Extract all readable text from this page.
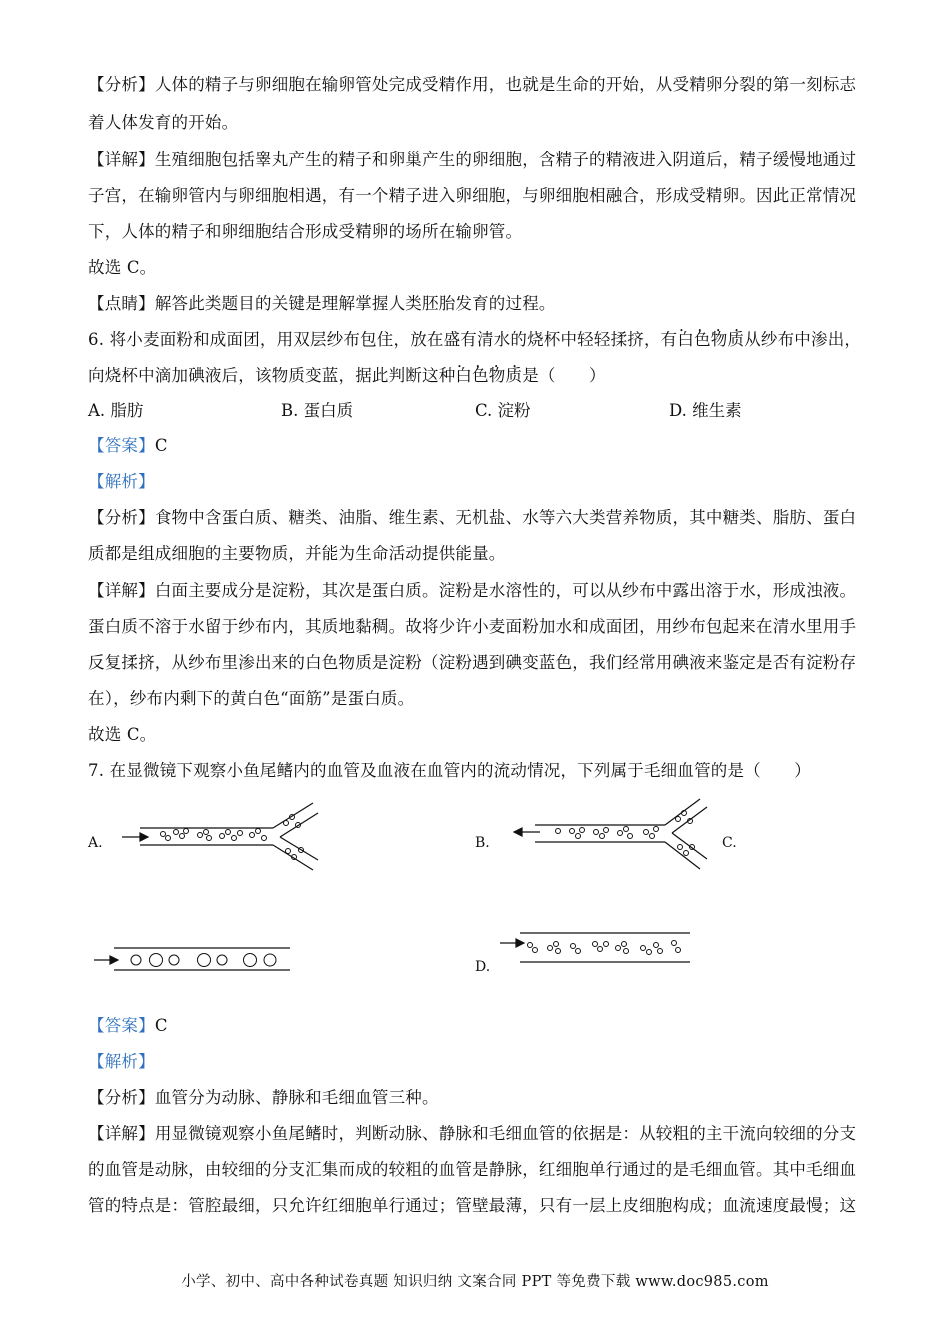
【分析】人体的精子与卵细胞在输卵管处完成受精作用，也就是生命的开始，从受精卵分裂的第一刻标志
着人体发育的开始。
【详解】生殖细胞包括睾丸产生的精子和卵巢产生的卵细胞，含精子的精液进入阴道后，精子缓慢地通过
子宫，在输卵管内与卵细胞相遇，有一个精子进入卵细胞，与卵细胞相融合，形成受精卵。因此正常情况
下，人体的精子和卵细胞结合形成受精卵的场所在输卵管。
故选 C。
【点睛】解答此类题目的关键是理解掌握人类胚胎发育的过程。
6. 将小麦面粉和成面团，用双层纱布包住，放在盛有清水的烧杯中轻轻揉挤，有白色物质 • • • •从纱布中渗出，
向烧杯中滴加碘液后，该物质变蓝，据此判断这种白色物质 • • • •是（　　）
A. 脂肪	B. 蛋白质	C. 淀粉	D. 维生素
【答案】C
【解析】
【分析】食物中含蛋白质、糖类、油脂、维生素、无机盐、水等六大类营养物质，其中糖类、脂肪、蛋白
质都是组成细胞的主要物质，并能为生命活动提供能量。
【详解】白面主要成分是淀粉，其次是蛋白质。淀粉是水溶性的，可以从纱布中露出溶于水，形成浊液。
蛋白质不溶于水留于纱布内，其质地黏稠。故将少许小麦面粉加水和成面团，用纱布包起来在清水里用手
反复揉挤，从纱布里渗出来的白色物质是淀粉（淀粉遇到碘变蓝色，我们经常用碘液来鉴定是否有淀粉存
在），纱布内剩下的黄白色“面筋”是蛋白质。
故选 C。
7. 在显微镜下观察小鱼尾鳍内的血管及血液在血管内的流动情况，下列属于毛细血管的是（　　）
A.	B.	C.
D.
【答案】C
【解析】
【分析】血管分为动脉、静脉和毛细血管三种。
【详解】用显微镜观察小鱼尾鳍时，判断动脉、静脉和毛细血管的依据是：从较粗的主干流向较细的分支
的血管是动脉，由较细的分支汇集而成的较粗的血管是静脉，红细胞单行通过的是毛细血管。其中毛细血
管的特点是：管腔最细，只允许红细胞单行通过；管壁最薄，只有一层上皮细胞构成；血流速度最慢；这
小学、初中、高中各种试卷真题 知识归纳 文案合同 PPT 等免费下载 www.doc985.com
